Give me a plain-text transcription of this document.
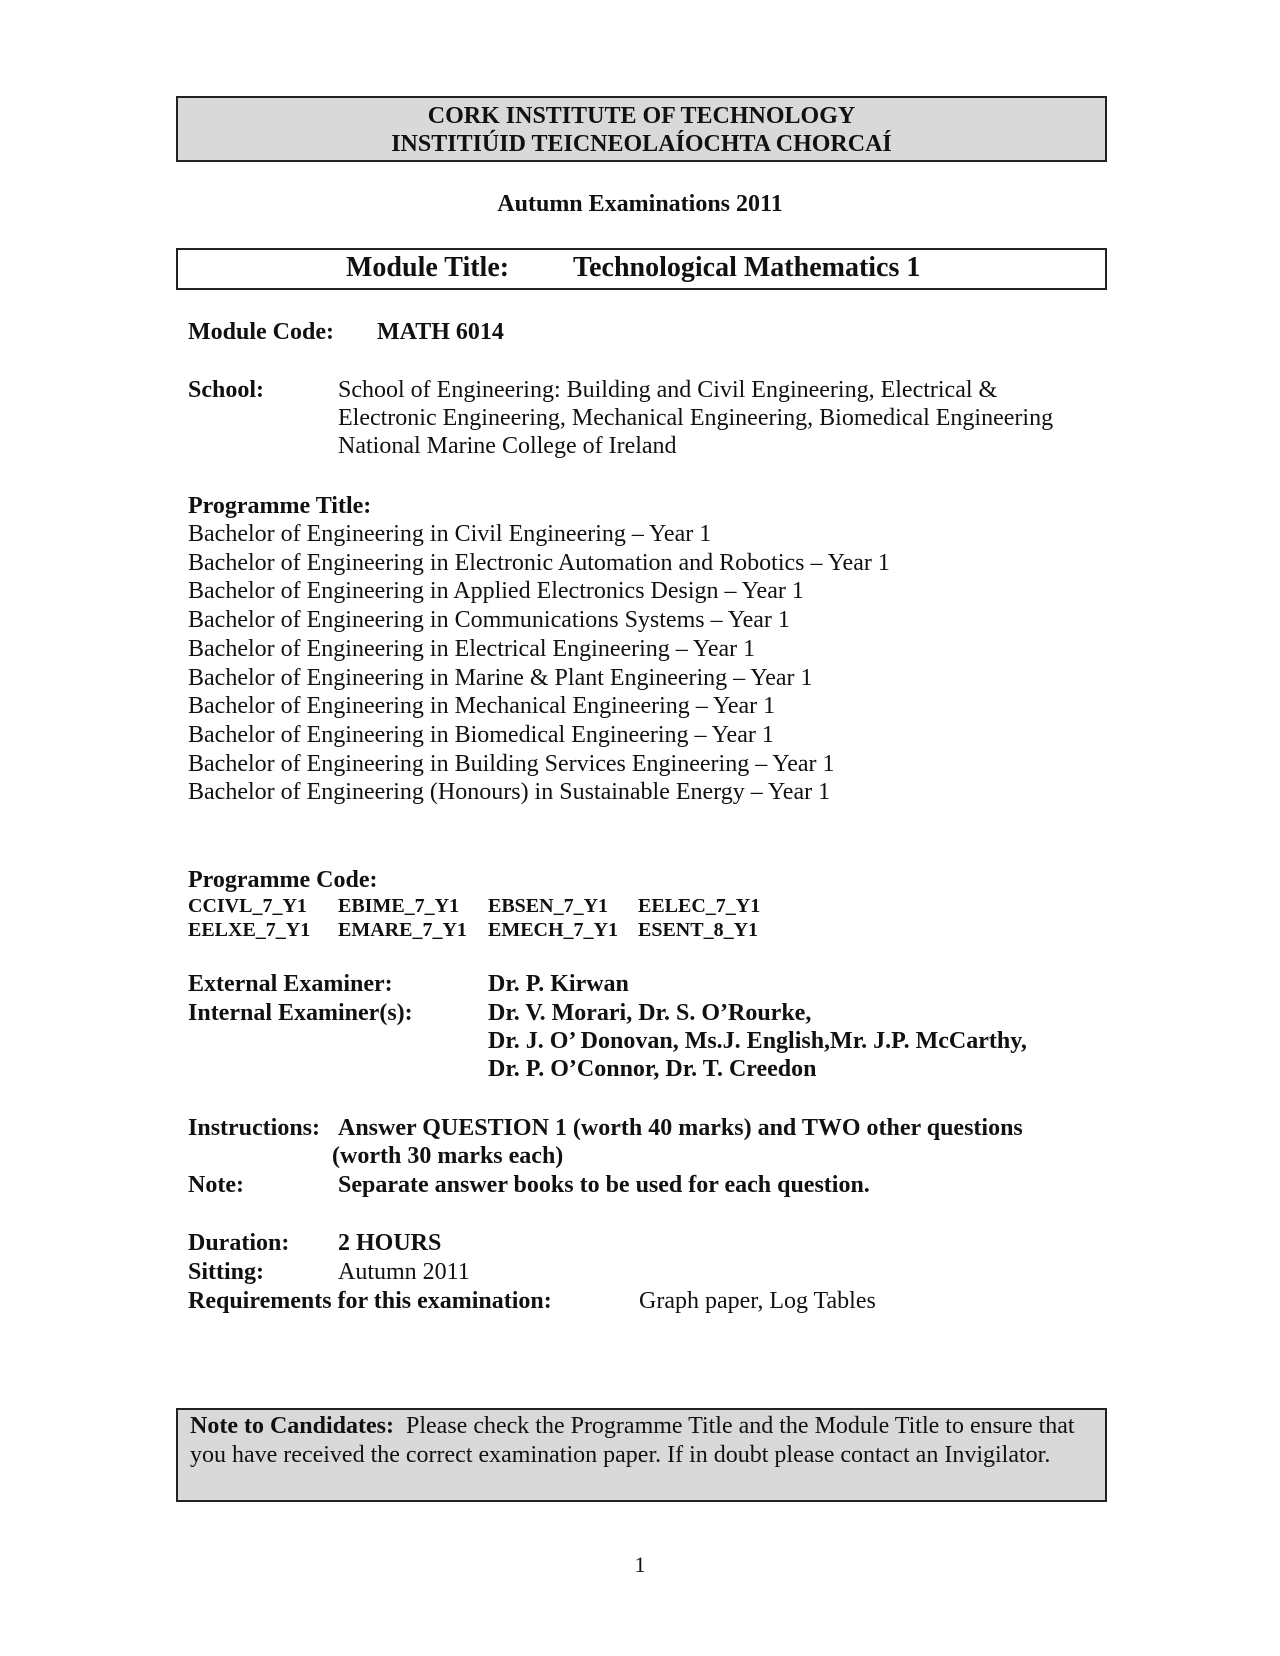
CORK INSTITUTE OF TECHNOLOGY
INSTITIÚID TEICNEOLAÍOCHTA CHORCAÍ
Autumn Examinations 2011
Module Title: Technological Mathematics 1
Module Code: MATH 6014
School:	School of Engineering: Building and Civil Engineering, Electrical &
Electronic Engineering, Mechanical Engineering, Biomedical Engineering
National Marine College of Ireland
Programme Title:
Bachelor of Engineering in Civil Engineering – Year 1
Bachelor of Engineering in Electronic Automation and Robotics – Year 1
Bachelor of Engineering in Applied Electronics Design – Year 1
Bachelor of Engineering in Communications Systems – Year 1
Bachelor of Engineering in Electrical Engineering – Year 1
Bachelor of Engineering in Marine & Plant Engineering – Year 1
Bachelor of Engineering in Mechanical Engineering – Year 1
Bachelor of Engineering in Biomedical Engineering – Year 1
Bachelor of Engineering in Building Services Engineering – Year 1
Bachelor of Engineering (Honours) in Sustainable Energy – Year 1
Programme Code:
CCIVL_7_Y1 EBIME_7_Y1 EBSEN_7_Y1 EELEC_7_Y1
EELXE_7_Y1 EMARE_7_Y1 EMECH_7_Y1 ESENT_8_Y1
External Examiner:	Dr. P. Kirwan
Internal Examiner(s):	Dr. V. Morari, Dr. S. O’Rourke,
Dr. J. O’ Donovan, Ms.J. English,Mr. J.P. McCarthy,
Dr. P. O’Connor, Dr. T. Creedon
Instructions: Answer QUESTION 1 (worth 40 marks) and TWO other questions
(worth 30 marks each)
Note:	Separate answer books to be used for each question.
Duration: 2 HOURS
Sitting:	Autumn 2011
Requirements for this examination:	Graph paper, Log Tables
Note to Candidates: Please check the Programme Title and the Module Title to ensure that you have received the correct examination paper. If in doubt please contact an Invigilator.
1
